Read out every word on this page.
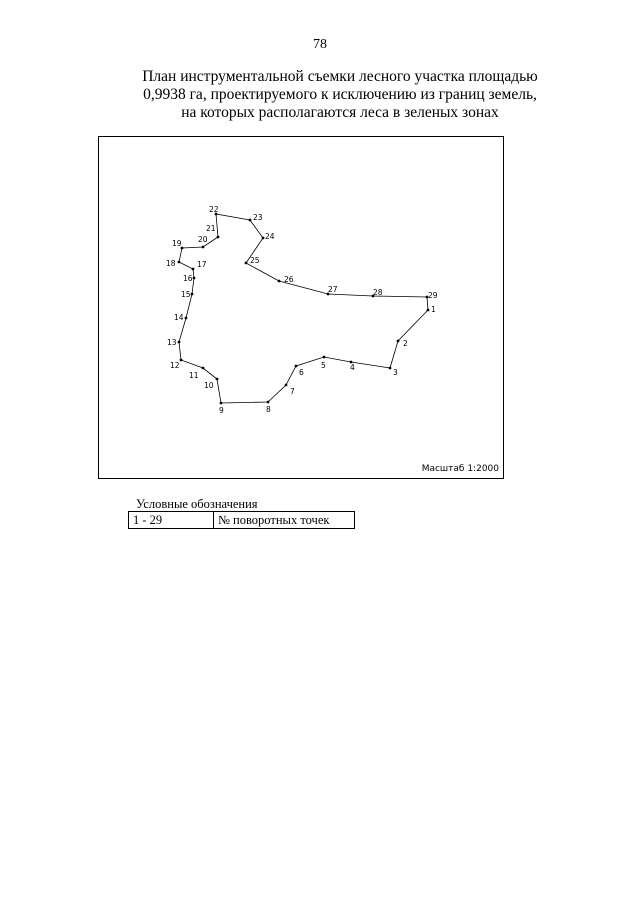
78
План инструментальной съемки лесного участка площадью
0,9938 га, проектируемого к исключению из границ земель,
на которых располагаются леса в зеленых зонах
1
2
3
4
5
6
7
8
9
10
11
12
13
14
15
16
17
18
19 20
21
22
23
24
25
26
27	28	29
Масштаб 1:2000
Условные обозначения
1 - 29	№ поворотных точек
